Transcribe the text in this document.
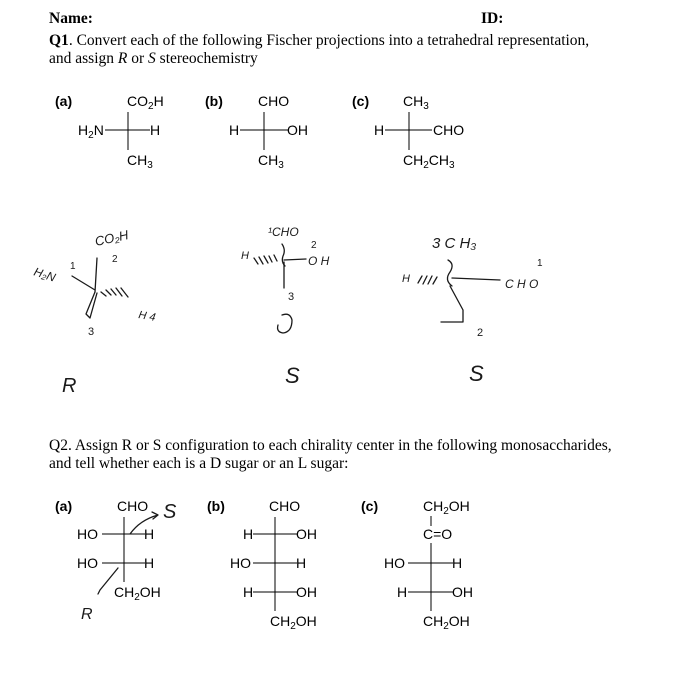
Name:	ID:
Q1. Convert each of the following Fischer projections into a tetrahedral representation,
and assign R or S stereochemistry
(a)	$CO_2H$
$H_2N$	H
$CH_3$
(b)	CHO
H	OH
$CH_3$
(c) $CH_3$
H	CHO
$CH_2CH_3$
CO₂H
2
H₂N 1
H 4
3
R
¹CHO
2
O H
H
3
S
3 C H₃
H
1
C H O
2
S
Q2. Assign R or S configuration to each chirality center in the following monosaccharides,
and tell whether each is a D sugar or an L sugar:
(a)	CHO
HO	H
HO	H
$CH_2OH$
S
R
(b)	CHO
H	OH
HO	H
H	OH
$CH_2OH$
(c)	$CH_2OH$
C=O
HO	H
H	OH
$CH_2OH$
